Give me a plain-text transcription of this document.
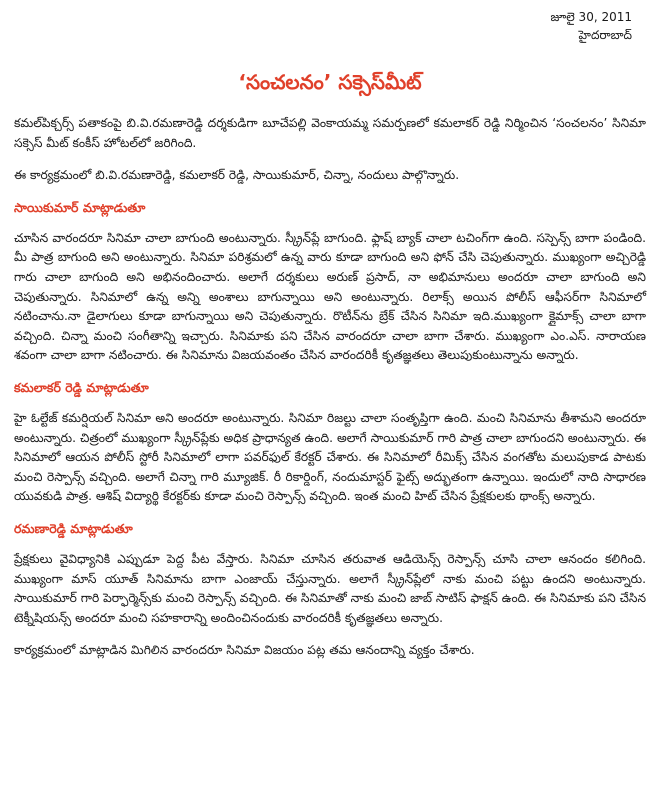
జూలై 30, 2011
హైదరాబాద్
‘సంచలనం’ సక్సెస్‌మీట్

కమల్‌పిక్చర్స్ పతాకంపై బి.వి.రమణారెడ్డి దర్శకుడిగా బూచేపల్లి వెంకాయమ్మ సమర్పణలో కమలాకర్ రెడ్డి నిర్మించిన ‘సంచలనం’ సినిమా సక్సెస్ మీట్ కంకీస్ హోటల్‌లో జరిగింది.

ఈ కార్యక్రమంలో బి.వి.రమణారెడ్డి, కమలాకర్ రెడ్డి, సాయికుమార్, చిన్నా, నందులు పాల్గొన్నారు.

సాయికుమార్ మాట్లాడుతూ

చూసిన వారందరూ సినిమా చాలా బాగుంది అంటున్నారు. స్క్రీన్‌ప్లే బాగుంది. ఫ్లాష్ బ్యాక్ చాలా టచింగ్‌గా ఉంది. సస్పెన్స్ బాగా పండింది. మీ పాత్ర బాగుంది అని అంటున్నారు. సినిమా పరిశ్రమలో ఉన్న వారు కూడా బాగుంది అని ఫోన్ చేసి చెపుతున్నారు. ముఖ్యంగా అచ్చిరెడ్డి గారు చాలా బాగుంది అని అభినందించారు. అలాగే దర్శకులు అరుణ్ ప్రసాద్, నా అభిమానులు అందరూ చాలా బాగుంది అని చెపుతున్నారు. సినిమాలో ఉన్న అన్ని అంశాలు బాగున్నాయి అని అంటున్నారు. రిలాక్స్ అయిన పోలీస్ ఆఫీసర్‌గా సినిమాలో నటించాను.నా డైలాగులు కూడా బాగున్నాయి అని చెపుతున్నారు. రొటీన్‌ను బ్రేక్ చేసిన సినిమా ఇది.ముఖ్యంగా క్లైమాక్స్ చాలా బాగా వచ్చింది. చిన్నా మంచి సంగీతాన్ని ఇచ్చారు. సినిమాకు పని చేసిన వారందరూ చాలా బాగా చేశారు. ముఖ్యంగా ఎం.ఎస్. నారాయణ శవంగా చాలా బాగా నటించారు. ఈ సినిమాను విజయవంతం చేసిన వారందరికీ కృతజ్ఞతలు తెలుపుకుంటున్నాను అన్నారు.

కమలాకర్ రెడ్డి మాట్లాడుతూ

హై ఓల్టేజ్ కమర్షియల్ సినిమా అని అందరూ అంటున్నారు. సినిమా రిజల్టు చాలా సంతృప్తిగా ఉంది. మంచి సినిమాను తీశామని అందరూ అంటున్నారు. చిత్రంలో ముఖ్యంగా స్క్రీన్‌ప్లేకు అధిక ప్రాధాన్యత ఉంది. అలాగే సాయికుమార్ గారి పాత్ర చాలా బాగుందని అంటున్నారు. ఈ సినిమాలో ఆయన పోలీస్ స్టోరీ సినిమాలో లాగా పవర్‌ఫుల్ కేరక్టర్ చేశారు. ఈ సినిమాలో రీమిక్స్ చేసిన వంగతోట మలుపుకాడ పాటకు మంచి రెస్పాన్స్ వచ్చింది. అలాగే చిన్నా గారి మ్యూజిక్. రీ రికార్డింగ్, నందుమాస్టర్ ఫైట్స్ అద్భుతంగా ఉన్నాయి. ఇందులో నాది సాధారణ యువకుడి పాత్ర. ఆశిష్ విద్యార్థి కేరక్టర్‌కు కూడా మంచి రెస్పాన్స్ వచ్చింది. ఇంత మంచి హిట్ చేసిన ప్రేక్షకులకు థాంక్స్ అన్నారు.

రమణారెడ్డి మాట్లాడుతూ

ప్రేక్షకులు వైవిధ్యానికి ఎప్పుడూ పెద్ద పీట వేస్తారు. సినిమా చూసిన తరువాత ఆడియెన్స్ రెస్పాన్స్ చూసి చాలా ఆనందం కలిగింది. ముఖ్యంగా మాస్ యూత్ సినిమాను బాగా ఎంజాయ్ చేస్తున్నారు. అలాగే స్క్రీన్‌ప్లేలో నాకు మంచి పట్టు ఉందని అంటున్నారు. సాయికుమార్ గారి పెర్ఫార్మెన్స్‌కు మంచి రెస్పాన్స్ వచ్చింది. ఈ సినిమాతో నాకు మంచి జాబ్ సాటిస్ ఫాక్షన్ ఉంది. ఈ సినిమాకు పని చేసిన టెక్నీషియన్స్ అందరూ మంచి సహకారాన్ని అందించినందుకు వారందరికీ కృతజ్ఞతలు అన్నారు.

కార్యక్రమంలో మాట్లాడిన మిగిలిన వారందరూ సినిమా విజయం పట్ల తమ ఆనందాన్ని వ్యక్తం చేశారు.
